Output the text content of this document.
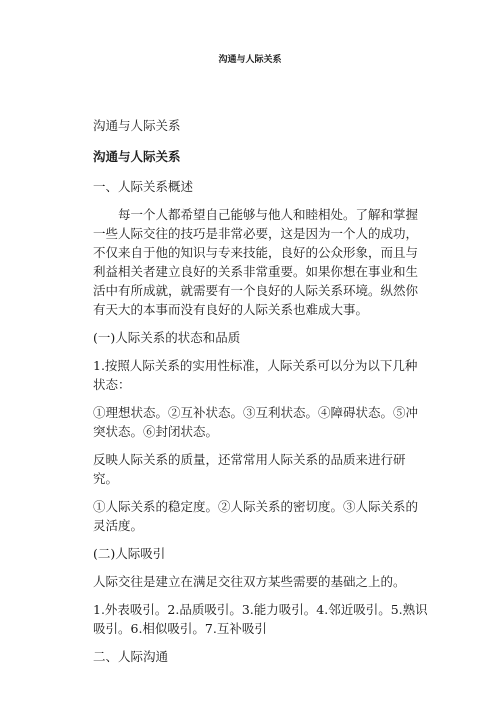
沟通与人际关系

沟通与人际关系

沟通与人际关系

一、人际关系概述

每一个人都希望自己能够与他人和睦相处。了解和掌握一些人际交往的技巧是非常必要，这是因为一个人的成功，不仅来自于他的知识与专来技能，良好的公众形象，而且与利益相关者建立良好的关系非常重要。如果你想在事业和生活中有所成就，就需要有一个良好的人际关系环境。纵然你有天大的本事而没有良好的人际关系也难成大事。

(一)人际关系的状态和品质

1.按照人际关系的实用性标准，人际关系可以分为以下几种状态：

①理想状态。②互补状态。③互利状态。④障碍状态。⑤冲突状态。⑥封闭状态。

反映人际关系的质量，还常常用人际关系的品质来进行研究。

①人际关系的稳定度。②人际关系的密切度。③人际关系的灵活度。

(二)人际吸引

人际交往是建立在满足交往双方某些需要的基础之上的。

1.外表吸引。2.品质吸引。3.能力吸引。4.邻近吸引。5.熟识吸引。6.相似吸引。7.互补吸引

二、人际沟通
